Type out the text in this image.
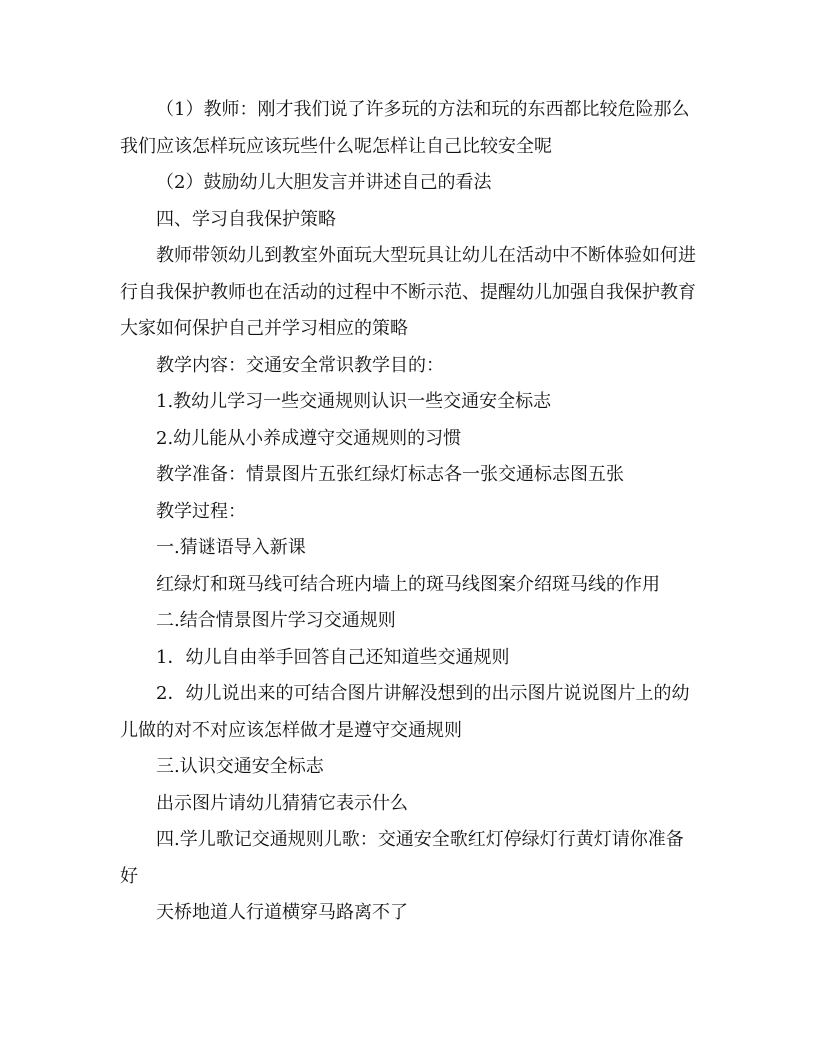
（1）教师：刚才我们说了许多玩的方法和玩的东西都比较危险那么我们应该怎样玩应该玩些什么呢怎样让自己比较安全呢

（2）鼓励幼儿大胆发言并讲述自己的看法

四、学习自我保护策略

教师带领幼儿到教室外面玩大型玩具让幼儿在活动中不断体验如何进行自我保护教师也在活动的过程中不断示范、提醒幼儿加强自我保护教育大家如何保护自己并学习相应的策略

教学内容：交通安全常识教学目的：

1.教幼儿学习一些交通规则认识一些交通安全标志

2.幼儿能从小养成遵守交通规则的习惯

教学准备：情景图片五张红绿灯标志各一张交通标志图五张

教学过程：

一.猜谜语导入新课

红绿灯和斑马线可结合班内墙上的斑马线图案介绍斑马线的作用

二.结合情景图片学习交通规则

1．幼儿自由举手回答自己还知道些交通规则

2．幼儿说出来的可结合图片讲解没想到的出示图片说说图片上的幼儿做的对不对应该怎样做才是遵守交通规则

三.认识交通安全标志

出示图片请幼儿猜猜它表示什么

四.学儿歌记交通规则儿歌：交通安全歌红灯停绿灯行黄灯请你准备好

天桥地道人行道横穿马路离不了
